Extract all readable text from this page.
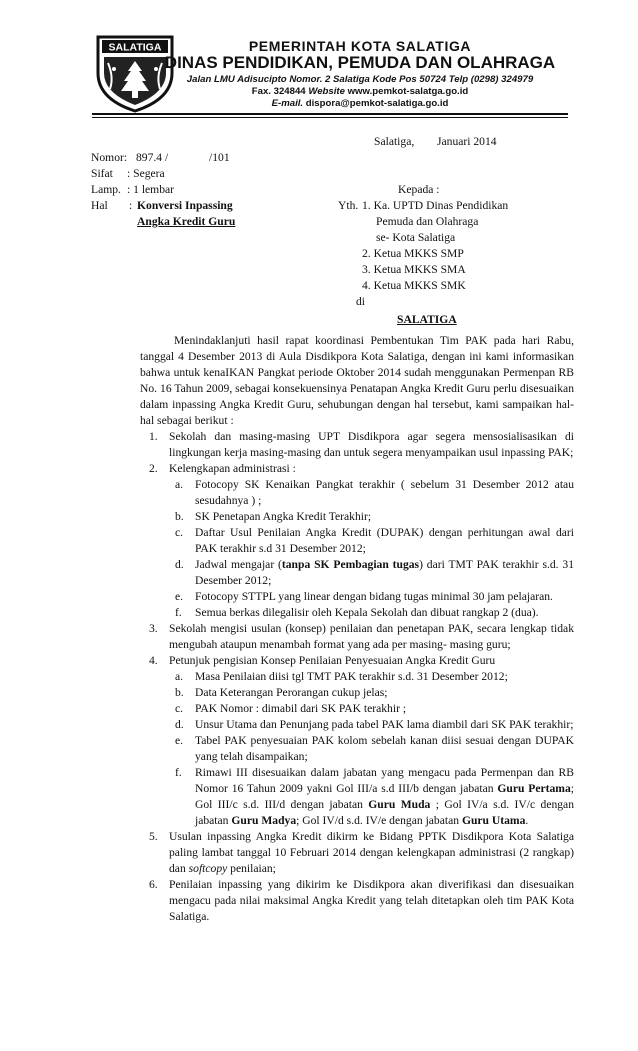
SALATIGA	PEMERINTAH KOTA SALATIGA
DINAS PENDIDIKAN, PEMUDA DAN OLAHRAGA
Jalan LMU Adisucipto Nomor. 2 Salatiga Kode Pos 50724 Telp (0298) 324979
Fax. 324844 Website www.pemkot-salatga.go.id
E-mail. dispora@pemkot-salatiga.go.id
Salatiga, Januari 2014
Nomor: 897.4 /	/101
Sifat : Segera
Lamp. : 1 lembar
Hal : Konversi Inpassing
Angka Kredit Guru
Kepada :
Yth. 1. Ka. UPTD Dinas Pendidikan
Pemuda dan Olahraga
se- Kota Salatiga
2. Ketua MKKS SMP
3. Ketua MKKS SMA
4. Ketua MKKS SMK
di
SALATIGA
Menindaklanjuti hasil rapat koordinasi Pembentukan Tim PAK pada hari Rabu, tanggal 4 Desember 2013 di Aula Disdikpora Kota Salatiga, dengan ini kami informasikan bahwa untuk kenaIKAN Pangkat periode Oktober 2014 sudah menggunakan Permenpan RB No. 16 Tahun 2009, sebagai konsekuensinya Penatapan Angka Kredit Guru perlu disesuaikan dalam inpassing Angka Kredit Guru, sehubungan dengan hal tersebut, kami sampaikan hal-hal sebagai berikut :
1. Sekolah dan masing-masing UPT Disdikpora agar segera mensosialisasikan di lingkungan kerja masing-masing dan untuk segera menyampaikan usul inpassing PAK;
2. Kelengkapan administrasi :
a. Fotocopy SK Kenaikan Pangkat terakhir ( sebelum 31 Desember 2012 atau sesudahnya ) ;
b. SK Penetapan Angka Kredit Terakhir;
c. Daftar Usul Penilaian Angka Kredit (DUPAK) dengan perhitungan awal dari PAK terakhir s.d 31 Desember 2012;
d. Jadwal mengajar (tanpa SK Pembagian tugas) dari TMT PAK terakhir s.d. 31 Desember 2012;
e. Fotocopy STTPL yang linear dengan bidang tugas minimal 30 jam pelajaran.
f. Semua berkas dilegalisir oleh Kepala Sekolah dan dibuat rangkap 2 (dua).
3. Sekolah mengisi usulan (konsep) penilaian dan penetapan PAK, secara lengkap tidak mengubah ataupun menambah format yang ada per masing- masing guru;
4. Petunjuk pengisian Konsep Penilaian Penyesuaian Angka Kredit Guru
a. Masa Penilaian diisi tgl TMT PAK terakhir s.d. 31 Desember 2012;
b. Data Keterangan Perorangan cukup jelas;
c. PAK Nomor : dimabil dari SK PAK terakhir ;
d. Unsur Utama dan Penunjang pada tabel PAK lama diambil dari SK PAK terakhir;
e. Tabel PAK penyesuaian PAK kolom sebelah kanan diisi sesuai dengan DUPAK yang telah disampaikan;
f. Rimawi III disesuaikan dalam jabatan yang mengacu pada Permenpan dan RB Nomor 16 Tahun 2009 yakni Gol III/a s.d III/b dengan jabatan Guru Pertama; Gol III/c s.d. III/d dengan jabatan Guru Muda ; Gol IV/a s.d. IV/c dengan jabatan Guru Madya; Gol IV/d s.d. IV/e dengan jabatan Guru Utama.
5. Usulan inpassing Angka Kredit dikirm ke Bidang PPTK Disdikpora Kota Salatiga paling lambat tanggal 10 Februari 2014 dengan kelengkapan administrasi (2 rangkap) dan softcopy penilaian;
6. Penilaian inpassing yang dikirim ke Disdikpora akan diverifikasi dan disesuaikan mengacu pada nilai maksimal Angka Kredit yang telah ditetapkan oleh tim PAK Kota Salatiga.
